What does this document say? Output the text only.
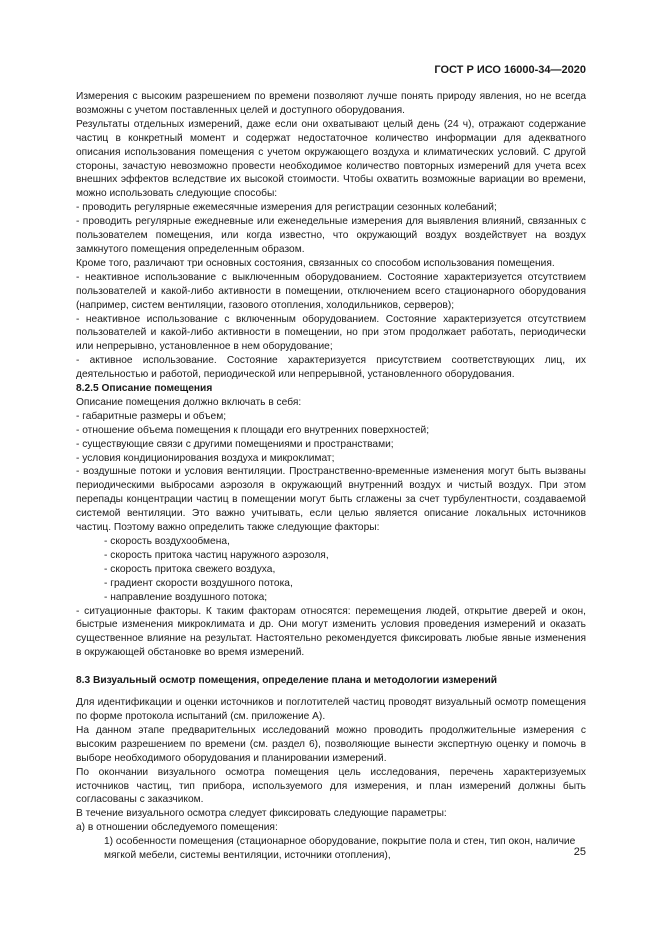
ГОСТ Р ИСО 16000-34—2020

Измерения с высоким разрешением по времени позволяют лучше понять природу явления, но не всегда возможны с учетом поставленных целей и доступного оборудования.

Результаты отдельных измерений, даже если они охватывают целый день (24 ч), отражают содержание частиц в конкретный момент и содержат недостаточное количество информации для адекватного описания использования помещения с учетом окружающего воздуха и климатических условий. С другой стороны, зачастую невозможно провести необходимое количество повторных измерений для учета всех внешних эффектов вследствие их высокой стоимости. Чтобы охватить возможные вариации во времени, можно использовать следующие способы:

- проводить регулярные ежемесячные измерения для регистрации сезонных колебаний;

- проводить регулярные ежедневные или еженедельные измерения для выявления влияний, связанных с пользователем помещения, или когда известно, что окружающий воздух воздействует на воздух замкнутого помещения определенным образом.

Кроме того, различают три основных состояния, связанных со способом использования помещения.

- неактивное использование с выключенным оборудованием. Состояние характеризуется отсутствием пользователей и какой-либо активности в помещении, отключением всего стационарного оборудования (например, систем вентиляции, газового отопления, холодильников, серверов);

- неактивное использование с включенным оборудованием. Состояние характеризуется отсутствием пользователей и какой-либо активности в помещении, но при этом продолжает работать, периодически или непрерывно, установленное в нем оборудование;

- активное использование. Состояние характеризуется присутствием соответствующих лиц, их деятельностью и работой, периодической или непрерывной, установленного оборудования.

8.2.5 Описание помещения

Описание помещения должно включать в себя:

- габаритные размеры и объем;

- отношение объема помещения к площади его внутренних поверхностей;

- существующие связи с другими помещениями и пространствами;

- условия кондиционирования воздуха и микроклимат;

- воздушные потоки и условия вентиляции. Пространственно-временные изменения могут быть вызваны периодическими выбросами аэрозоля в окружающий внутренний воздух и чистый воздух. При этом перепады концентрации частиц в помещении могут быть сглажены за счет турбулентности, создаваемой системой вентиляции. Это важно учитывать, если целью является описание локальных источников частиц. Поэтому важно определить также следующие факторы:

- скорость воздухообмена,

- скорость притока частиц наружного аэрозоля,

- скорость притока свежего воздуха,

- градиент скорости воздушного потока,

- направление воздушного потока;

- ситуационные факторы. К таким факторам относятся: перемещения людей, открытие дверей и окон, быстрые изменения микроклимата и др. Они могут изменить условия проведения измерений и оказать существенное влияние на результат. Настоятельно рекомендуется фиксировать любые явные изменения в окружающей обстановке во время измерений.

8.3 Визуальный осмотр помещения, определение плана и методологии измерений

Для идентификации и оценки источников и поглотителей частиц проводят визуальный осмотр помещения по форме протокола испытаний (см. приложение А).

На данном этапе предварительных исследований можно проводить продолжительные измерения с высоким разрешением по времени (см. раздел 6), позволяющие вынести экспертную оценку и помочь в выборе необходимого оборудования и планировании измерений.

По окончании визуального осмотра помещения цель исследования, перечень характеризуемых источников частиц, тип прибора, используемого для измерения, и план измерений должны быть согласованы с заказчиком.

В течение визуального осмотра следует фиксировать следующие параметры:

а) в отношении обследуемого помещения:

1) особенности помещения (стационарное оборудование, покрытие пола и стен, тип окон, наличие мягкой мебели, системы вентиляции, источники отопления),	25
